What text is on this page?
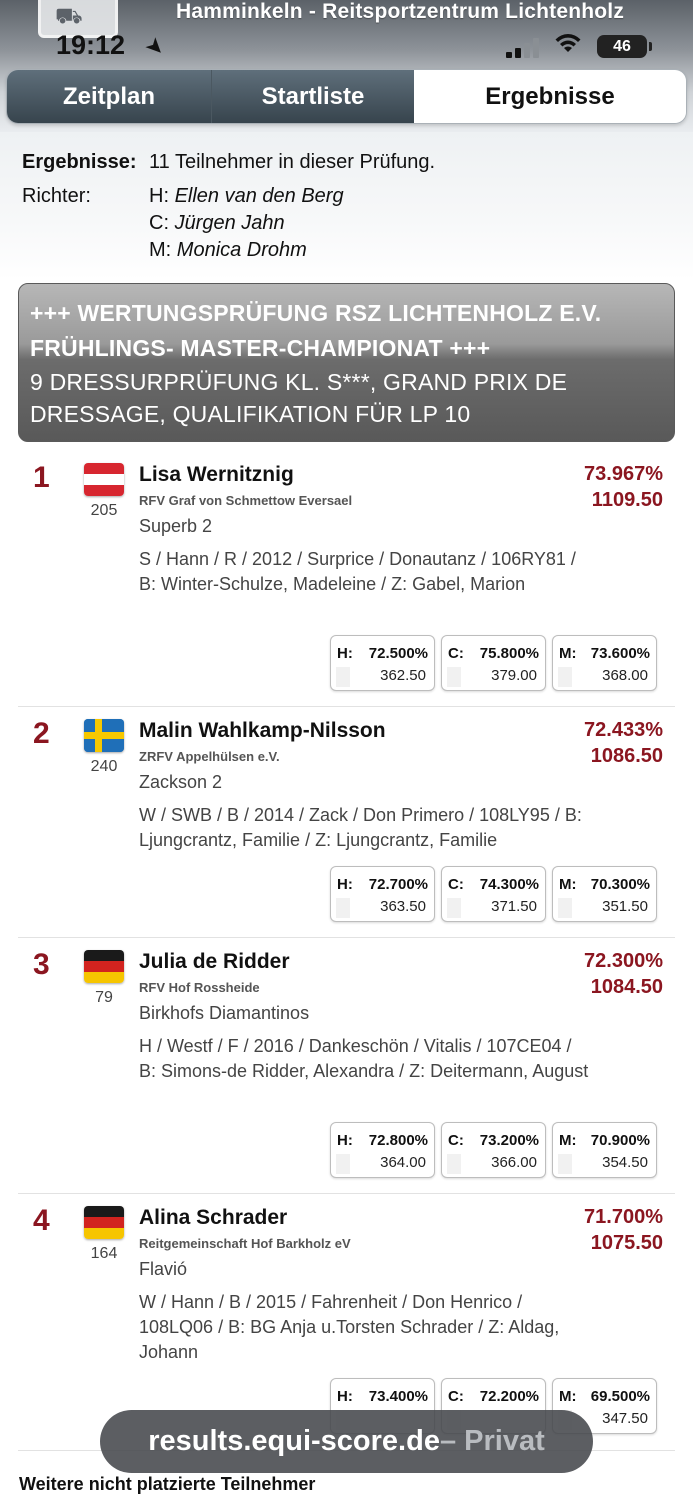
⛟	Hamminkeln - Reitsportzentrum Lichtenholz
19:12 ➤	46
Zeitplan	Startliste	Ergebnisse
Ergebnisse: 11 Teilnehmer in dieser Prüfung.
Richter:	H: Ellen van den Berg
C: Jürgen Jahn
M: Monica Drohm
+++ WERTUNGSPRÜFUNG RSZ LICHTENHOLZ E.V.
FRÜHLINGS- MASTER-CHAMPIONAT +++
9 DRESSURPRÜFUNG KL. S***, GRAND PRIX DE
DRESSAGE, QUALIFIKATION FÜR LP 10
1
205
Lisa Wernitznig
RFV Graf von Schmettow Eversael
Superb 2
S / Hann / R / 2012 / Surprice / Donautanz / 106RY81 / B: Winter-Schulze, Madeleine / Z: Gabel, Marion
73.967%
1109.50
H: 72.500%
362.50
C: 75.800%
379.00
M: 73.600%
368.00
2
240
Malin Wahlkamp-Nilsson
ZRFV Appelhülsen e.V.
Zackson 2
W / SWB / B / 2014 / Zack / Don Primero / 108LY95 / B: Ljungcrantz, Familie / Z: Ljungcrantz, Familie
72.433%
1086.50
H: 72.700%
363.50
C: 74.300%
371.50
M: 70.300%
351.50
3
79
Julia de Ridder
RFV Hof Rossheide
Birkhofs Diamantinos
H / Westf / F / 2016 / Dankeschön / Vitalis / 107CE04 / B: Simons-de Ridder, Alexandra / Z: Deitermann, August
72.300%
1084.50
H: 72.800%
364.00
C: 73.200%
366.00
M: 70.900%
354.50
4
164
Alina Schrader
Reitgemeinschaft Hof Barkholz eV
Flavió
W / Hann / B / 2015 / Fahrenheit / Don Henrico / 108LQ06 / B: BG Anja u.Torsten Schrader / Z: Aldag, Johann
71.700%
1075.50
H: 73.400% C: 72.200% M: 69.500%
347.50
results.equi-score.de – Privat
Weitere nicht platzierte Teilnehmer
